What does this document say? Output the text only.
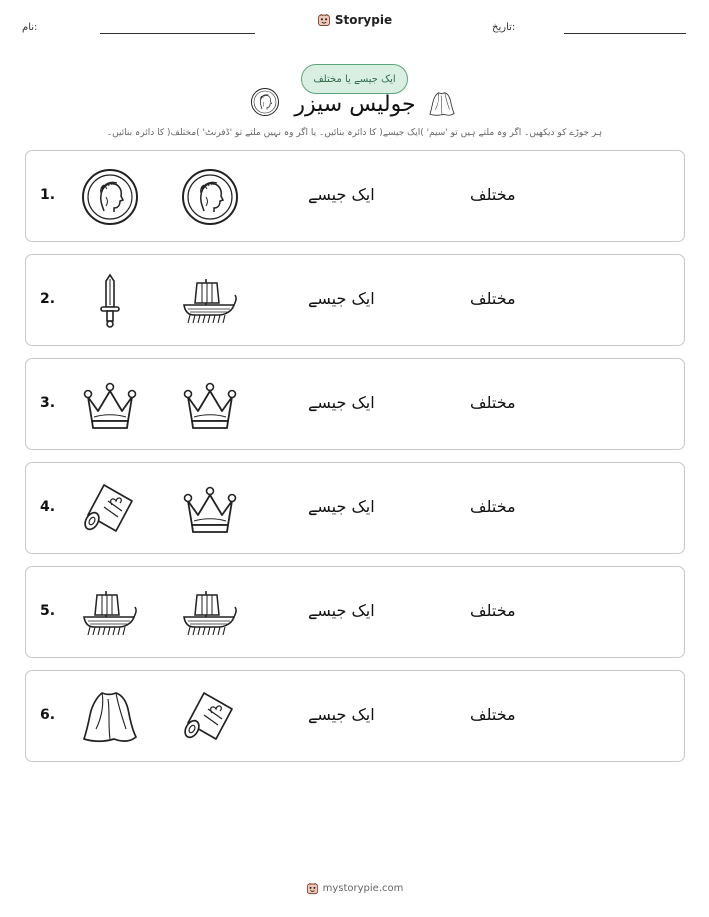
نام:
Storypie
تاریخ:
ایک جیسے یا مختلف
جولیس سیزر
ہر جوڑے کو دیکھیں۔ اگر وہ ملتے ہیں تو 'سیم' )ایک جیسے( کا دائرہ بنائیں۔ یا اگر وہ نہیں ملتے تو 'ڈفرنٹ' )مختلف( کا دائرہ بنائیں۔
1.	ایک جیسے	مختلف
2.	ایک جیسے	مختلف
3.	ایک جیسے	مختلف
4.	ایک جیسے	مختلف
5.	ایک جیسے	مختلف
6.	ایک جیسے	مختلف
mystorypie.com
